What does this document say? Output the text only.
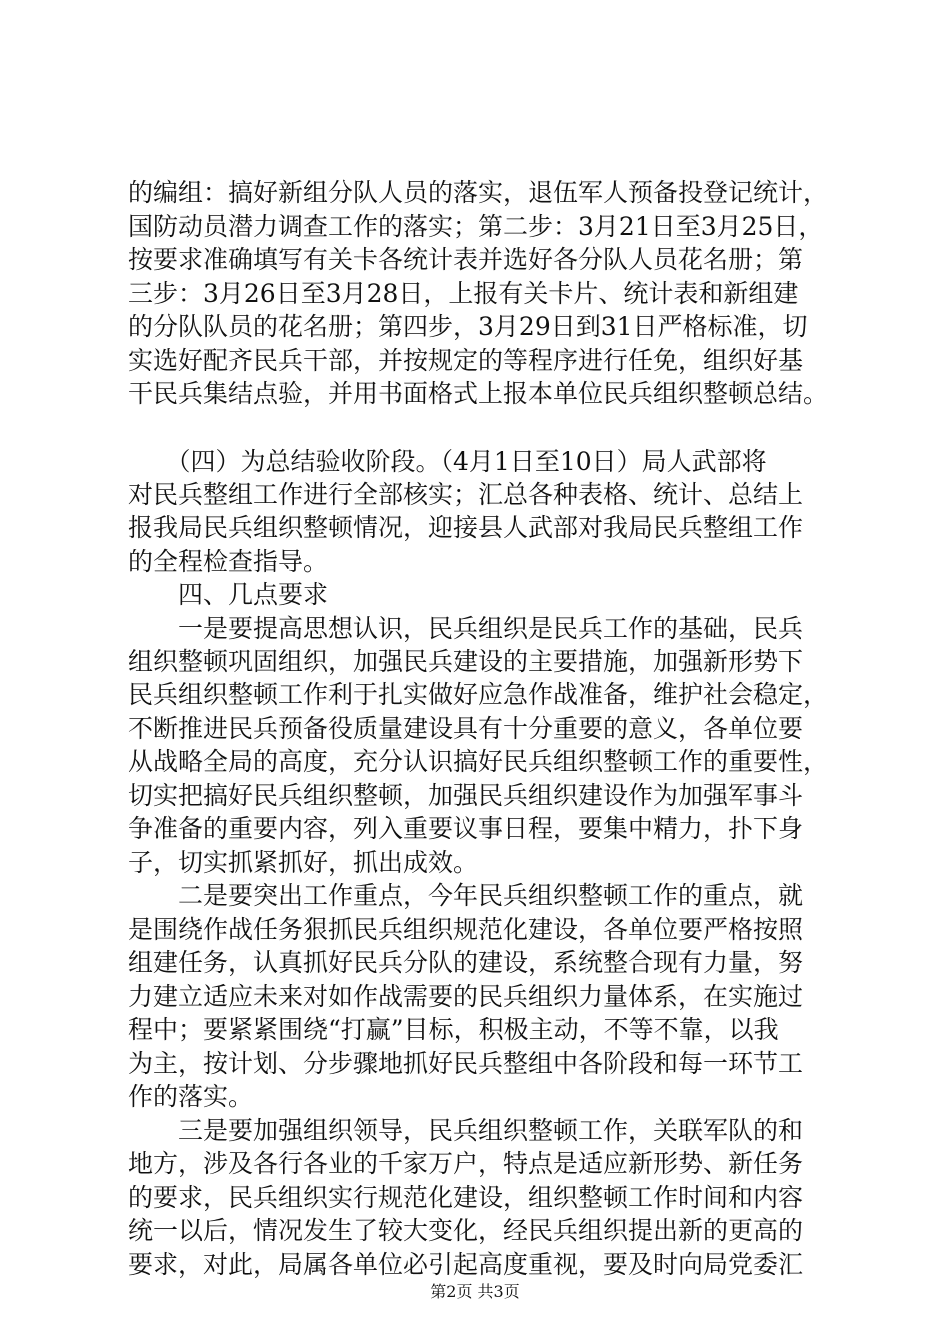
的编组：搞好新组分队人员的落实，退伍军人预备投登记统计，
国防动员潜力调查工作的落实；第二步：3月21日至3月25日，
按要求准确填写有关卡各统计表并选好各分队人员花名册；第
三步：3月26日至3月28日，上报有关卡片、统计表和新组建
的分队队员的花名册；第四步，3月29日到31日严格标准，切
实选好配齐民兵干部，并按规定的等程序进行任免，组织好基
干民兵集结点验，并用书面格式上报本单位民兵组织整顿总结。
　　（四）为总结验收阶段。（4月1日至10日）局人武部将
对民兵整组工作进行全部核实；汇总各种表格、统计、总结上
报我局民兵组织整顿情况，迎接县人武部对我局民兵整组工作
的全程检查指导。
　　四、几点要求
　　一是要提高思想认识，民兵组织是民兵工作的基础，民兵
组织整顿巩固组织，加强民兵建设的主要措施，加强新形势下
民兵组织整顿工作利于扎实做好应急作战准备，维护社会稳定，
不断推进民兵预备役质量建设具有十分重要的意义，各单位要
从战略全局的高度，充分认识搞好民兵组织整顿工作的重要性，
切实把搞好民兵组织整顿，加强民兵组织建设作为加强军事斗
争准备的重要内容，列入重要议事日程，要集中精力，扑下身
子，切实抓紧抓好，抓出成效。
　　二是要突出工作重点，今年民兵组织整顿工作的重点，就
是围绕作战任务狠抓民兵组织规范化建设，各单位要严格按照
组建任务，认真抓好民兵分队的建设，系统整合现有力量，努
力建立适应未来对如作战需要的民兵组织力量体系，在实施过
程中；要紧紧围绕“打赢”目标，积极主动，不等不靠，以我
为主，按计划、分步骤地抓好民兵整组中各阶段和每一环节工
作的落实。
　　三是要加强组织领导，民兵组织整顿工作，关联军队的和
地方，涉及各行各业的千家万户，特点是适应新形势、新任务
的要求，民兵组织实行规范化建设，组织整顿工作时间和内容
统一以后，情况发生了较大变化，经民兵组织提出新的更高的
要求，对此，局属各单位必引起高度重视，要及时向局党委汇
第2页 共3页
